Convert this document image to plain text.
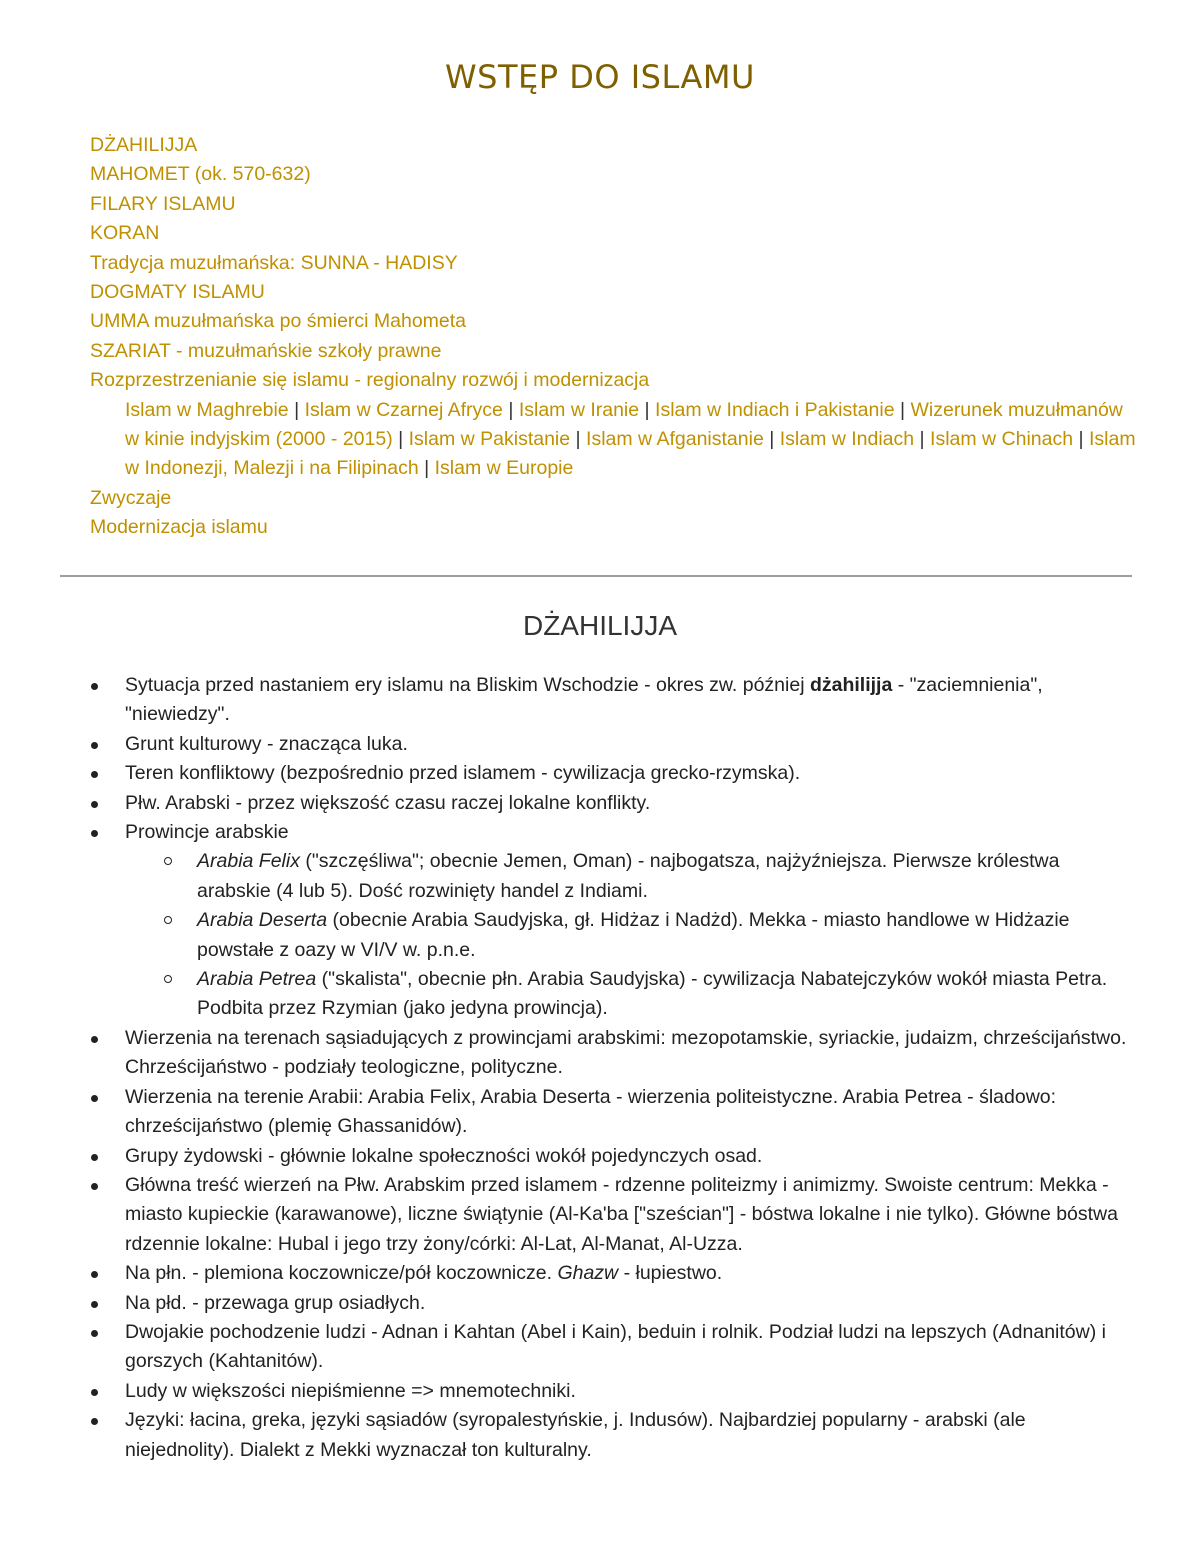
WSTĘP DO ISLAMU
DŻAHILIJJA
MAHOMET (ok. 570-632)
FILARY ISLAMU
KORAN
Tradycja muzułmańska: SUNNA - HADISY
DOGMATY ISLAMU
UMMA muzułmańska po śmierci Mahometa
SZARIAT - muzułmańskie szkoły prawne
Rozprzestrzenianie się islamu - regionalny rozwój i modernizacja
Islam w Maghrebie | Islam w Czarnej Afryce | Islam w Iranie | Islam w Indiach i Pakistanie | Wizerunek muzułmanów w kinie indyjskim (2000 - 2015) | Islam w Pakistanie | Islam w Afganistanie | Islam w Indiach | Islam w Chinach | Islam w Indonezji, Malezji i na Filipinach | Islam w Europie
Zwyczaje
Modernizacja islamu
DŻAHILIJJA
Sytuacja przed nastaniem ery islamu na Bliskim Wschodzie - okres zw. później dżahilijja - "zaciemnienia", "niewiedzy".
Grunt kulturowy - znacząca luka.
Teren konfliktowy (bezpośrednio przed islamem - cywilizacja grecko-rzymska).
Płw. Arabski - przez większość czasu raczej lokalne konflikty.
Prowincje arabskie
Arabia Felix ("szczęśliwa"; obecnie Jemen, Oman) - najbogatsza, najżyźniejsza. Pierwsze królestwa arabskie (4 lub 5). Dość rozwinięty handel z Indiami.
Arabia Deserta (obecnie Arabia Saudyjska, gł. Hidżaz i Nadżd). Mekka - miasto handlowe w Hidżazie powstałe z oazy w VI/V w. p.n.e.
Arabia Petrea ("skalista", obecnie płn. Arabia Saudyjska) - cywilizacja Nabatejczyków wokół miasta Petra. Podbita przez Rzymian (jako jedyna prowincja).
Wierzenia na terenach sąsiadujących z prowincjami arabskimi: mezopotamskie, syriackie, judaizm, chrześcijaństwo. Chrześcijaństwo - podziały teologiczne, polityczne.
Wierzenia na terenie Arabii: Arabia Felix, Arabia Deserta - wierzenia politeistyczne. Arabia Petrea - śladowo: chrześcijaństwo (plemię Ghassanidów).
Grupy żydowski - głównie lokalne społeczności wokół pojedynczych osad.
Główna treść wierzeń na Płw. Arabskim przed islamem - rdzenne politeizmy i animizmy. Swoiste centrum: Mekka - miasto kupieckie (karawanowe), liczne świątynie (Al-Ka'ba ["sześcian"] - bóstwa lokalne i nie tylko). Główne bóstwa rdzennie lokalne: Hubal i jego trzy żony/córki: Al-Lat, Al-Manat, Al-Uzza.
Na płn. - plemiona koczownicze/pół koczownicze. Ghazw - łupiestwo.
Na płd. - przewaga grup osiadłych.
Dwojakie pochodzenie ludzi - Adnan i Kahtan (Abel i Kain), beduin i rolnik. Podział ludzi na lepszych (Adnanitów) i gorszych (Kahtanitów).
Ludy w większości niepiśmienne => mnemotechniki.
Języki: łacina, greka, języki sąsiadów (syropalestyńskie, j. Indusów). Najbardziej popularny - arabski (ale niejednolity). Dialekt z Mekki wyznaczał ton kulturalny.
